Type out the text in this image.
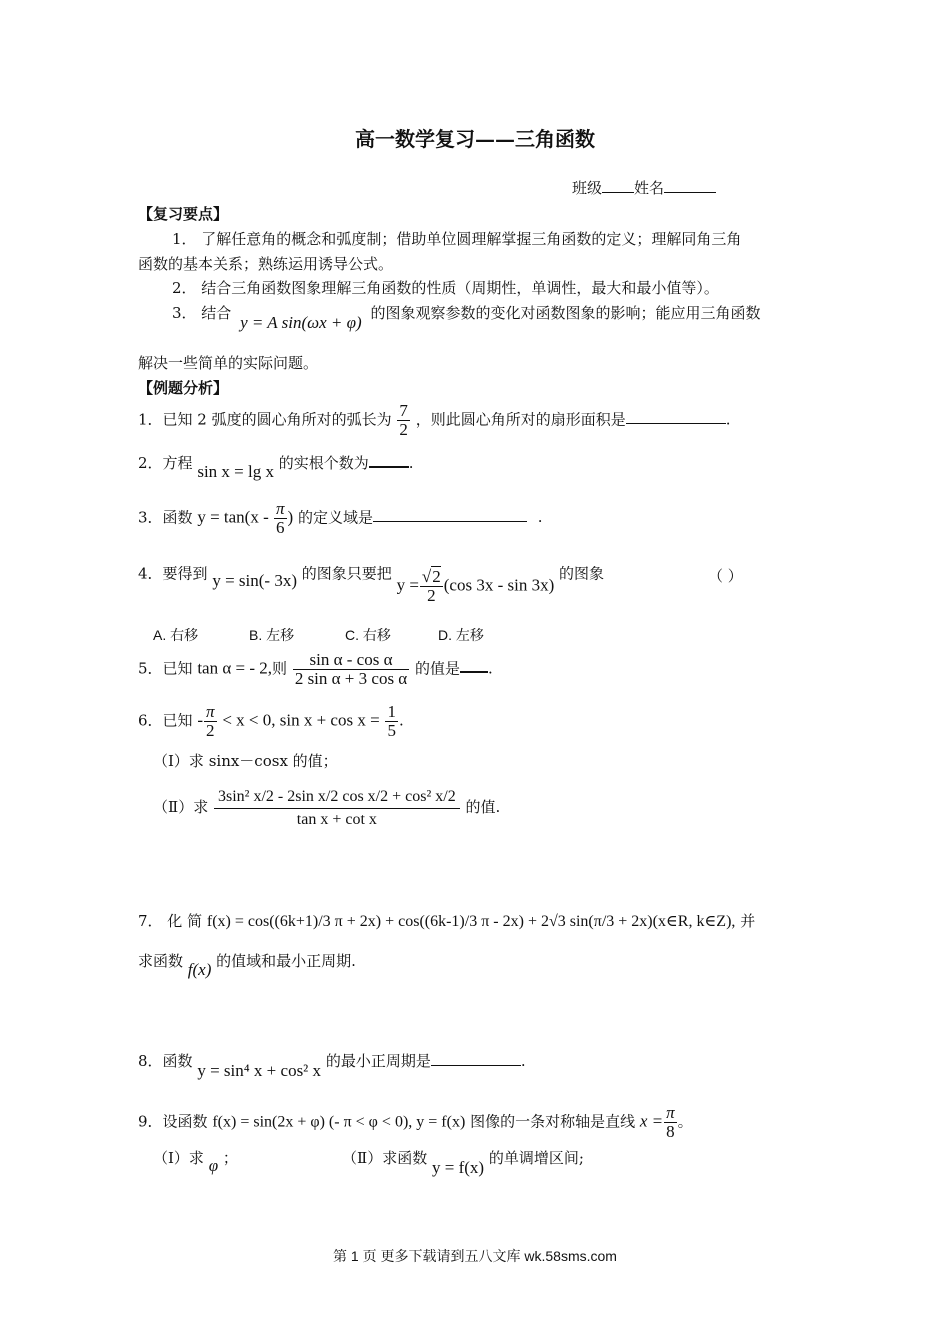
高一数学复习——三角函数
班级 姓名
【复习要点】
1． 了解任意角的概念和弧度制；借助单位圆理解掌握三角函数的定义；理解同角三角
函数的基本关系；熟练运用诱导公式。
2． 结合三角函数图象理解三角函数的性质（周期性，单调性，最大和最小值等）。
3． 结合 y = A sin(ωx + φ) 的图象观察参数的变化对函数图象的影响；能应用三角函数
解决一些简单的实际问题。
【例题分析】
1．已知 2 弧度的圆心角所对的弧长为 $\frac{7}{2}$ ，则此圆心角所对的扇形面积是	.
2．方程 sin x = lg x 的实根个数为	.
3．函数 $y = \tan(x - \frac{\pi}{6}$ ) 的定义域是	.
4．要得到 y = sin(- 3x) 的图象只要把 $y = \frac{√2}{2} (\cos$ 3x - sin 3x) 的图象	（ ）
A. 右移	B. 左移	C. 右移	D. 左移
5．已知 tan α = - 2,则 $\frac{\text{sin α - cos α}}{\text{2 sin α + 3 cos α}}$ 的值是 .
6．已知 - $\frac{\pi}{2} < x < 0$, $\sin x + \cos x = \frac{1}{5}$ .
（I）求 sinx－cosx 的值；
（Ⅱ）求 $\frac{\text{3sin² x/2 - 2sin x/2 cos x/2 + cos² x/2}}{\text{tan x + cot x}}$ 的值.
7． 化 简 f(x) = cos((6k+1)/3 π + 2x) + cos((6k-1)/3 π - 2x) + 2√3 sin(π/3 + 2x)(x∈R, k∈Z), 并
求函数 f(x) 的值域和最小正周期.
8．函数 y = sin⁴ x + cos² x 的最小正周期是	.
9．设函数 f(x) = sin(2x + φ) (- π < φ < 0), y = f(x) 图像的一条对称轴是直线 $x = \frac{\pi}{8}$ 。
（Ⅰ）求 φ ；	（Ⅱ）求函数 y = f(x) 的单调增区间;
第 1 页 更多下载请到五八文库 wk.58sms.com
